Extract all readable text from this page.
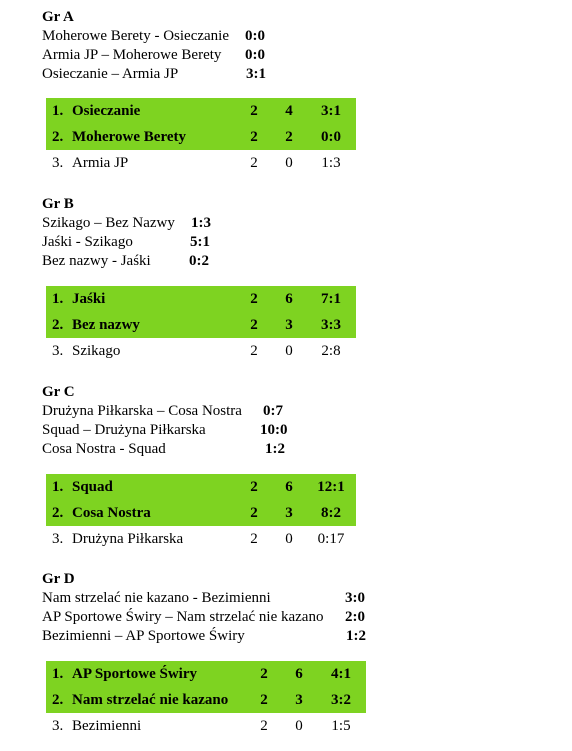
Gr A
Moherowe Berety - Osieczanie 0:0
Armia JP – Moherowe Berety 0:0
Osieczanie – Armia JP	3:1
1.	Osieczanie	2	4	3:1
2.	Moherowe Berety	2	2	0:0
3.	Armia JP	2	0	1:3
Gr B
Szikago – Bez Nazwy 1:3
Jaśki - Szikago	5:1
Bez nazwy - Jaśki	0:2
1.	Jaśki	2	6	7:1
2.	Bez nazwy	2	3	3:3
3.	Szikago	2	0	2:8
Gr C
Drużyna Piłkarska – Cosa Nostra 0:7
Squad – Drużyna Piłkarska	10:0
Cosa Nostra - Squad	1:2
1.	Squad	2	6	12:1
2.	Cosa Nostra	2	3	8:2
3.	Drużyna Piłkarska	2	0	0:17
Gr D
Nam strzelać nie kazano - Bezimienni	3:0
AP Sportowe Świry – Nam strzelać nie kazano 2:0
Bezimienni – AP Sportowe Świry	1:2
1.	AP Sportowe Świry	2	6	4:1
2.	Nam strzelać nie kazano	2	3	3:2
3.	Bezimienni	2	0	1:5
